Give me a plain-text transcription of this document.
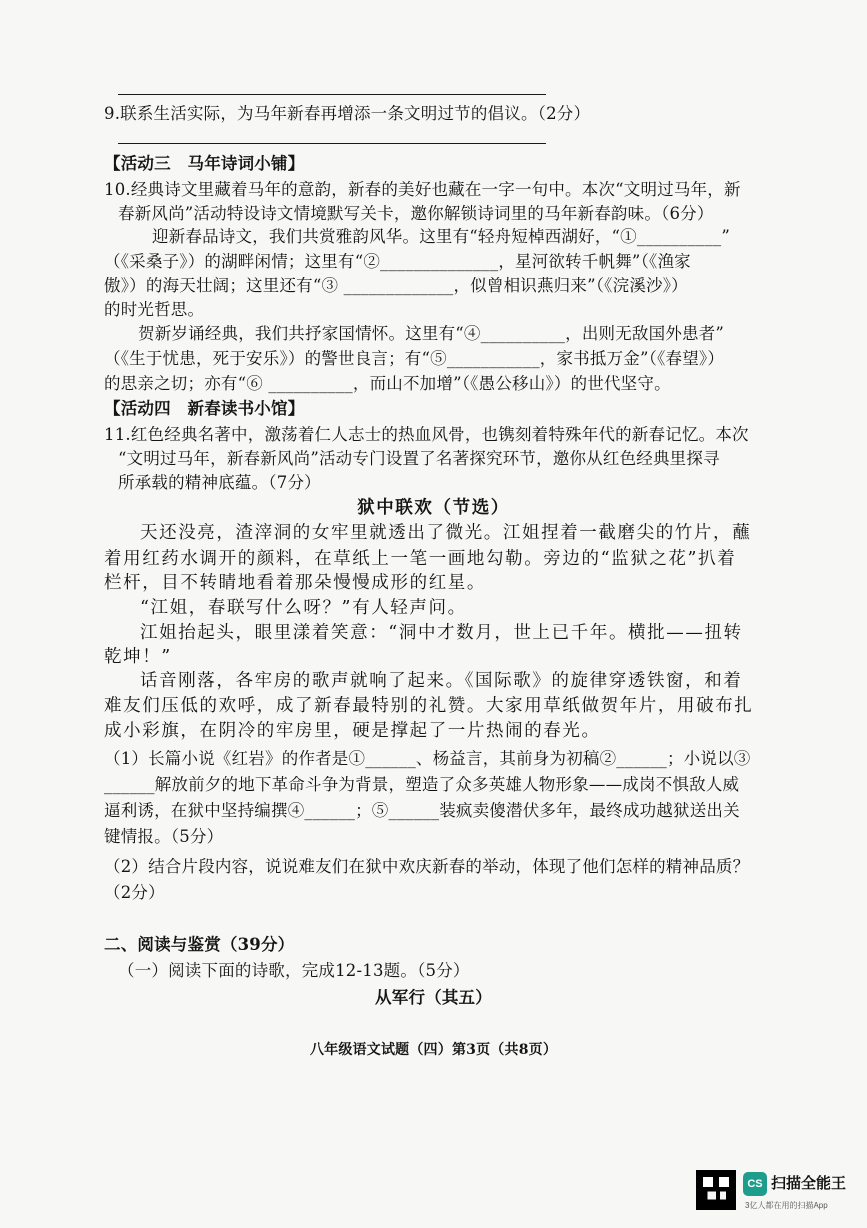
9.联系生活实际，为马年新春再增添一条文明过节的倡议。（2分）
【活动三　马年诗词小铺】
10.经典诗文里藏着马年的意韵，新春的美好也藏在一字一句中。本次“文明过马年，新
春新风尚”活动特设诗文情境默写关卡，邀你解锁诗词里的马年新春韵味。（6分）
迎新春品诗文，我们共赏雅韵风华。这里有“轻舟短棹西湖好，“①__________”
（《采桑子》）的湖畔闲情；这里有“②______________，星河欲转千帆舞”（《渔家
傲》）的海天壮阔；这里还有“③ _____________，似曾相识燕归来”（《浣溪沙》）
的时光哲思。
贺新岁诵经典，我们共抒家国情怀。这里有“④__________，出则无敌国外患者”
（《生于忧患，死于安乐》）的警世良言；有“⑤___________，家书抵万金”（《春望》）
的思亲之切；亦有“⑥ __________，而山不加增”（《愚公移山》）的世代坚守。
【活动四　新春读书小馆】
11.红色经典名著中，激荡着仁人志士的热血风骨，也镌刻着特殊年代的新春记忆。本次
“文明过马年，新春新风尚”活动专门设置了名著探究环节，邀你从红色经典里探寻
所承载的精神底蕴。（7分）
狱中联欢（节选）
天还没亮，渣滓洞的女牢里就透出了微光。江姐捏着一截磨尖的竹片，蘸
着用红药水调开的颜料，在草纸上一笔一画地勾勒。旁边的“监狱之花”扒着
栏杆，目不转睛地看着那朵慢慢成形的红星。
“江姐，春联写什么呀？”有人轻声问。
江姐抬起头，眼里漾着笑意：“洞中才数月，世上已千年。横批——扭转
乾坤！”
话音刚落，各牢房的歌声就响了起来。《国际歌》的旋律穿透铁窗，和着
难友们压低的欢呼，成了新春最特别的礼赞。大家用草纸做贺年片，用破布扎
成小彩旗，在阴冷的牢房里，硬是撑起了一片热闹的春光。
（1）长篇小说《红岩》的作者是①______、杨益言，其前身为初稿②______；小说以③
______解放前夕的地下革命斗争为背景，塑造了众多英雄人物形象——成岗不惧敌人威
逼利诱，在狱中坚持编撰④______；⑤______装疯卖傻潜伏多年，最终成功越狱送出关
键情报。（5分）
（2）结合片段内容，说说难友们在狱中欢庆新春的举动，体现了他们怎样的精神品质？
（2分）
二、阅读与鉴赏（39分）
（一）阅读下面的诗歌，完成12-13题。（5分）
从军行（其五）
八年级语文试题（四）第3页（共8页）
CS 扫描全能王
3亿人都在用的扫描App
